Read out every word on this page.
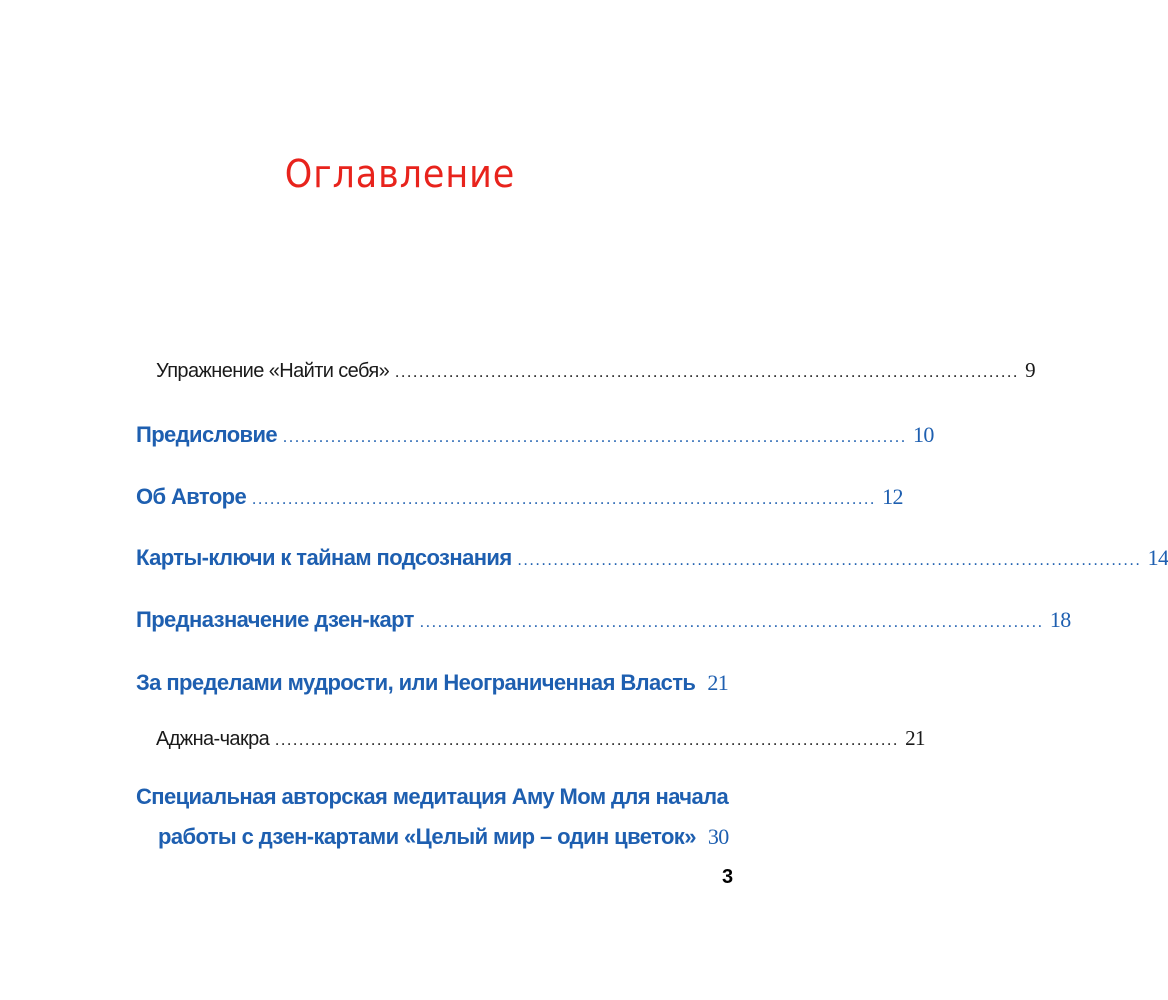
Оглавление
Упражнение «Найти себя» ........................................................................................................ 9
Предисловие ........................................................................................................ 10
Об Авторе ........................................................................................................ 12
Карты-ключи к тайнам подсознания ........................................................................................................ 14
Предназначение дзен-карт ........................................................................................................ 18
За пределами мудрости, или Неограниченная Власть 21
Аджна-чакра ........................................................................................................ 21
Специальная авторская медитация Аму Мом для начала
работы с дзен-картами «Целый мир – один цветок» 30
3
